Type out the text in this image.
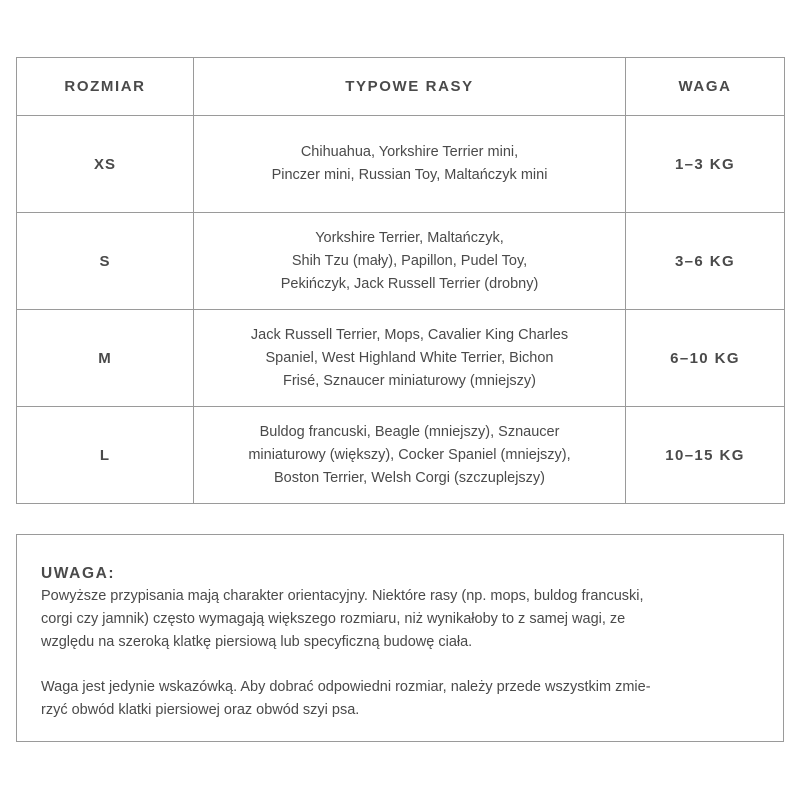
ROZMIAR	TYPOWE RASY	WAGA
XS	Chihuahua, Yorkshire Terrier mini,
Pinczer mini, Russian Toy, Maltańczyk mini	1–3 KG
S	Yorkshire Terrier, Maltańczyk,
Shih Tzu (mały), Papillon, Pudel Toy,
Pekińczyk, Jack Russell Terrier (drobny)	3–6 KG
M	Jack Russell Terrier, Mops, Cavalier King Charles
Spaniel, West Highland White Terrier, Bichon
Frisé, Sznaucer miniaturowy (mniejszy)	6–10 KG
L	Buldog francuski, Beagle (mniejszy), Sznaucer
miniaturowy (większy), Cocker Spaniel (mniejszy),
Boston Terrier, Welsh Corgi (szczuplejszy)	10–15 KG
UWAGA:

Powyższe przypisania mają charakter orientacyjny. Niektóre rasy (np. mops, buldog francuski,
corgi czy jamnik) często wymagają większego rozmiaru, niż wynikałoby to z samej wagi, ze
względu na szeroką klatkę piersiową lub specyficzną budowę ciała.

Waga jest jedynie wskazówką. Aby dobrać odpowiedni rozmiar, należy przede wszystkim zmie-
rzyć obwód klatki piersiowej oraz obwód szyi psa.
